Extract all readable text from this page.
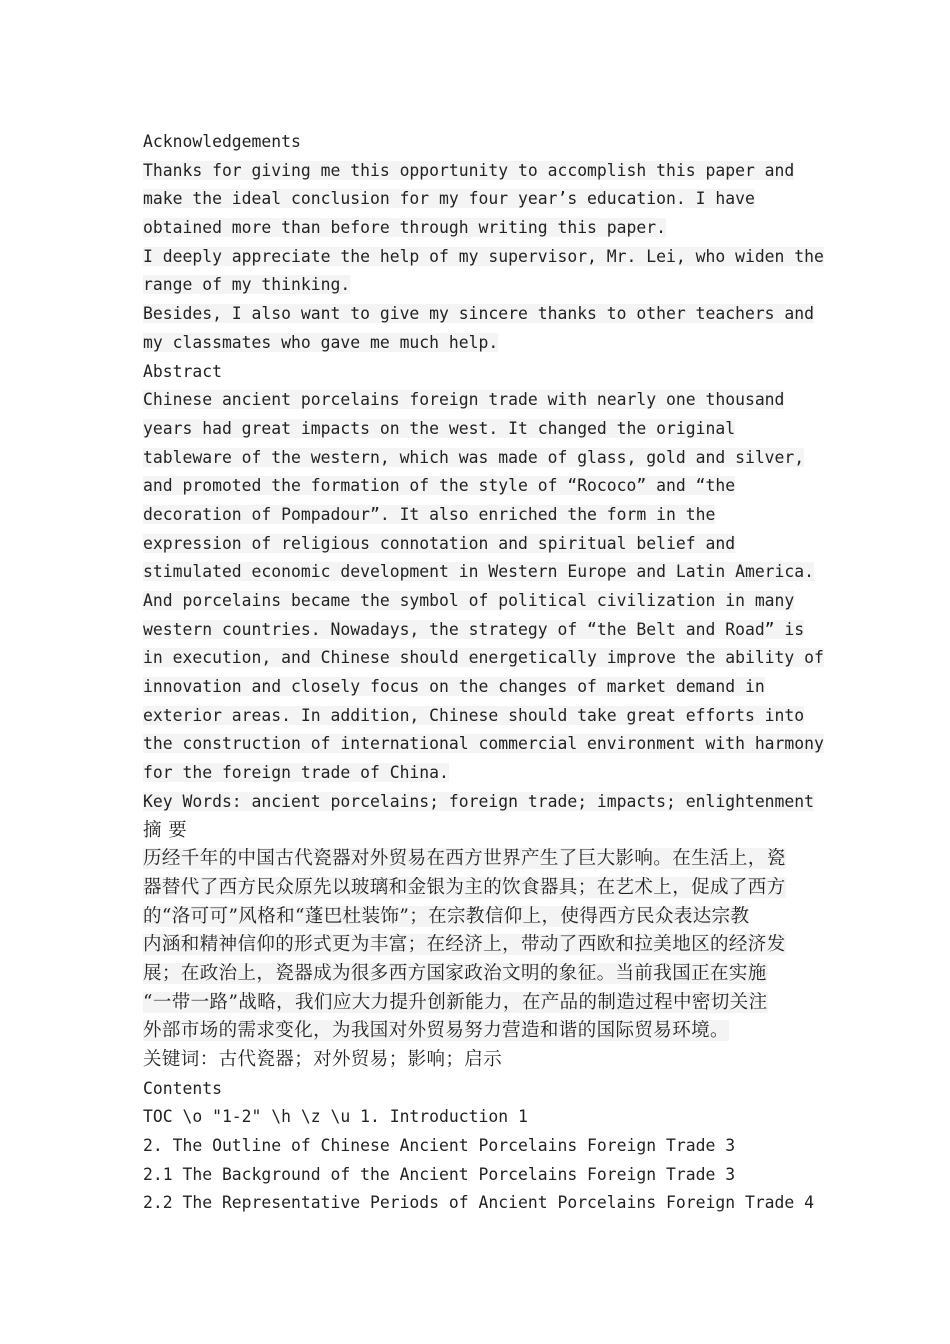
Acknowledgements
Thanks for giving me this opportunity to accomplish this paper and
make the ideal conclusion for my four year’s education. I have
obtained more than before through writing this paper.
I deeply appreciate the help of my supervisor, Mr. Lei, who widen the
range of my thinking.
Besides, I also want to give my sincere thanks to other teachers and
my classmates who gave me much help.
Abstract
Chinese ancient porcelains foreign trade with nearly one thousand
years had great impacts on the west. It changed the original
tableware of the western, which was made of glass, gold and silver,
and promoted the formation of the style of “Rococo” and “the
decoration of Pompadour”. It also enriched the form in the
expression of religious connotation and spiritual belief and
stimulated economic development in Western Europe and Latin America.
And porcelains became the symbol of political civilization in many
western countries. Nowadays, the strategy of “the Belt and Road” is
in execution, and Chinese should energetically improve the ability of
innovation and closely focus on the changes of market demand in
exterior areas. In addition, Chinese should take great efforts into
the construction of international commercial environment with harmony
for the foreign trade of China.
Key Words: ancient porcelains; foreign trade; impacts; enlightenment
摘 要
历经千年的中国古代瓷器对外贸易在西方世界产生了巨大影响。在生活上，瓷
器替代了西方民众原先以玻璃和金银为主的饮食器具；在艺术上，促成了西方
的“洛可可”风格和“蓬巴杜装饰”；在宗教信仰上，使得西方民众表达宗教
内涵和精神信仰的形式更为丰富；在经济上，带动了西欧和拉美地区的经济发
展；在政治上，瓷器成为很多西方国家政治文明的象征。当前我国正在实施
“一带一路”战略，我们应大力提升创新能力，在产品的制造过程中密切关注
外部市场的需求变化，为我国对外贸易努力营造和谐的国际贸易环境。
关键词：古代瓷器；对外贸易；影响；启示
Contents
TOC \o "1-2" \h \z \u 1. Introduction 1
2. The Outline of Chinese Ancient Porcelains Foreign Trade 3
2.1 The Background of the Ancient Porcelains Foreign Trade 3
2.2 The Representative Periods of Ancient Porcelains Foreign Trade 4
